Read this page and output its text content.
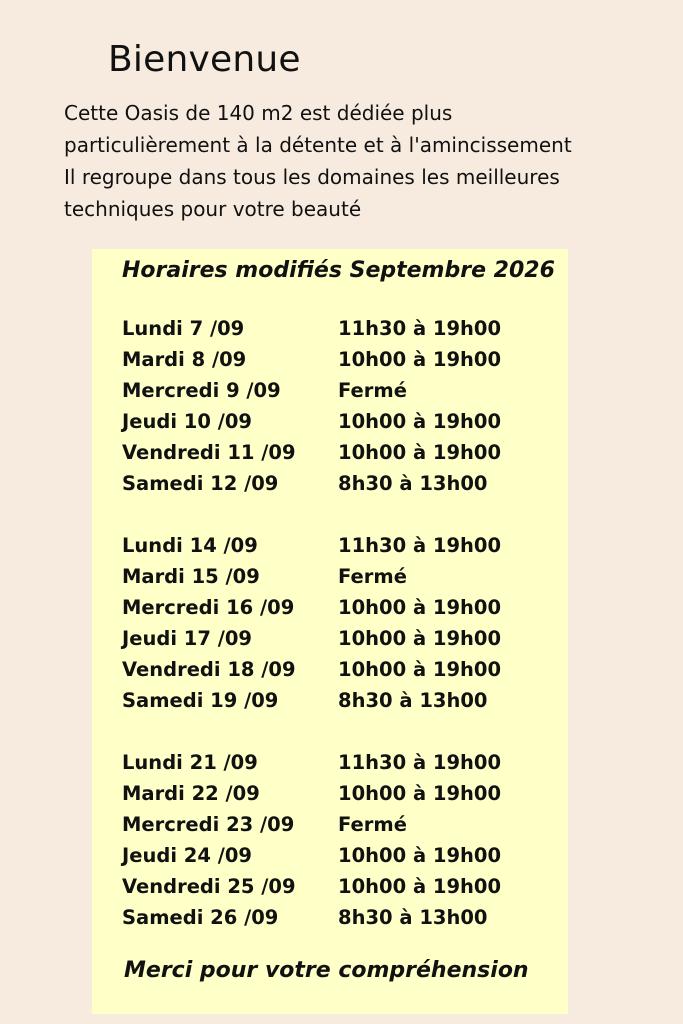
Bienvenue
Cette Oasis de 140 m2 est dédiée plus
particulièrement à la détente et à l'amincissement
Il regroupe dans tous les domaines les meilleures
techniques pour votre beauté
Horaires modifiés Septembre 2026
Lundi 7 /09	11h30 à 19h00
Mardi 8 /09	10h00 à 19h00
Mercredi 9 /09	Fermé
Jeudi 10 /09	10h00 à 19h00
Vendredi 11 /09	10h00 à 19h00
Samedi 12 /09	8h30 à 13h00
Lundi 14 /09	11h30 à 19h00
Mardi 15 /09	Fermé
Mercredi 16 /09	10h00 à 19h00
Jeudi 17 /09	10h00 à 19h00
Vendredi 18 /09	10h00 à 19h00
Samedi 19 /09	8h30 à 13h00
Lundi 21 /09	11h30 à 19h00
Mardi 22 /09	10h00 à 19h00
Mercredi 23 /09	Fermé
Jeudi 24 /09	10h00 à 19h00
Vendredi 25 /09	10h00 à 19h00
Samedi 26 /09	8h30 à 13h00
Merci pour votre compréhension
